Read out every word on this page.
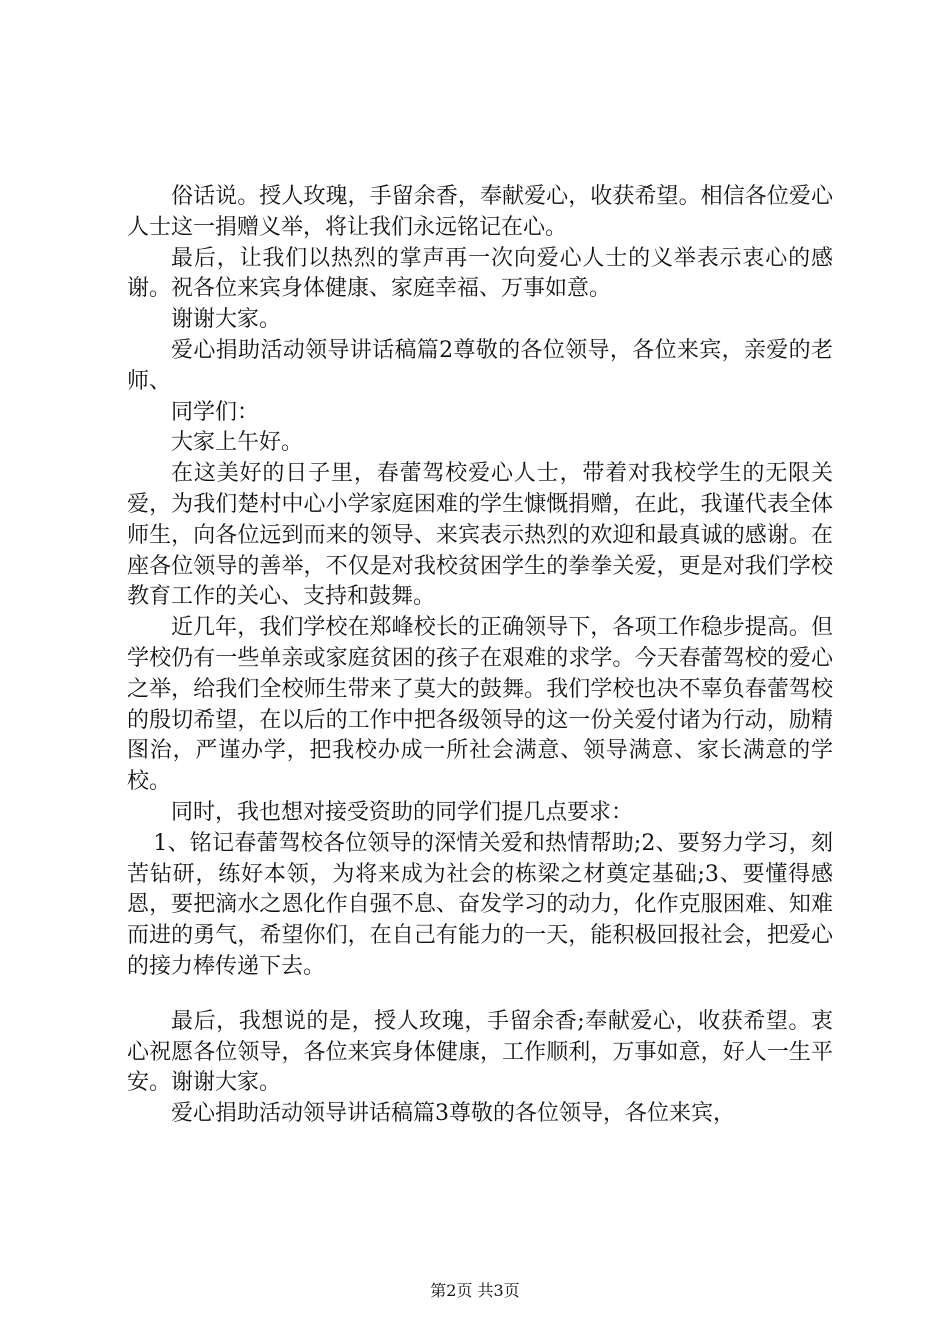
俗话说。授人玫瑰，手留余香，奉献爱心，收获希望。相信各位爱心人士这一捐赠义举，将让我们永远铭记在心。

最后，让我们以热烈的掌声再一次向爱心人士的义举表示衷心的感谢。祝各位来宾身体健康、家庭幸福、万事如意。

谢谢大家。

爱心捐助活动领导讲话稿篇2尊敬的各位领导，各位来宾，亲爱的老师、

同学们：

大家上午好。

在这美好的日子里，春蕾驾校爱心人士，带着对我校学生的无限关爱，为我们楚村中心小学家庭困难的学生慷慨捐赠，在此，我谨代表全体师生，向各位远到而来的领导、来宾表示热烈的欢迎和最真诚的感谢。在座各位领导的善举，不仅是对我校贫困学生的拳拳关爱，更是对我们学校教育工作的关心、支持和鼓舞。

近几年，我们学校在郑峰校长的正确领导下，各项工作稳步提高。但学校仍有一些单亲或家庭贫困的孩子在艰难的求学。今天春蕾驾校的爱心之举，给我们全校师生带来了莫大的鼓舞。我们学校也决不辜负春蕾驾校的殷切希望，在以后的工作中把各级领导的这一份关爱付诸为行动，励精图治，严谨办学，把我校办成一所社会满意、领导满意、家长满意的学校。

同时，我也想对接受资助的同学们提几点要求：

1、铭记春蕾驾校各位领导的深情关爱和热情帮助;2、要努力学习，刻苦钻研，练好本领，为将来成为社会的栋梁之材奠定基础;3、要懂得感恩，要把滴水之恩化作自强不息、奋发学习的动力，化作克服困难、知难而进的勇气，希望你们，在自己有能力的一天，能积极回报社会，把爱心的接力棒传递下去。

最后，我想说的是，授人玫瑰，手留余香;奉献爱心，收获希望。衷心祝愿各位领导，各位来宾身体健康，工作顺利，万事如意，好人一生平安。谢谢大家。

爱心捐助活动领导讲话稿篇3尊敬的各位领导，各位来宾，

第2页 共3页
